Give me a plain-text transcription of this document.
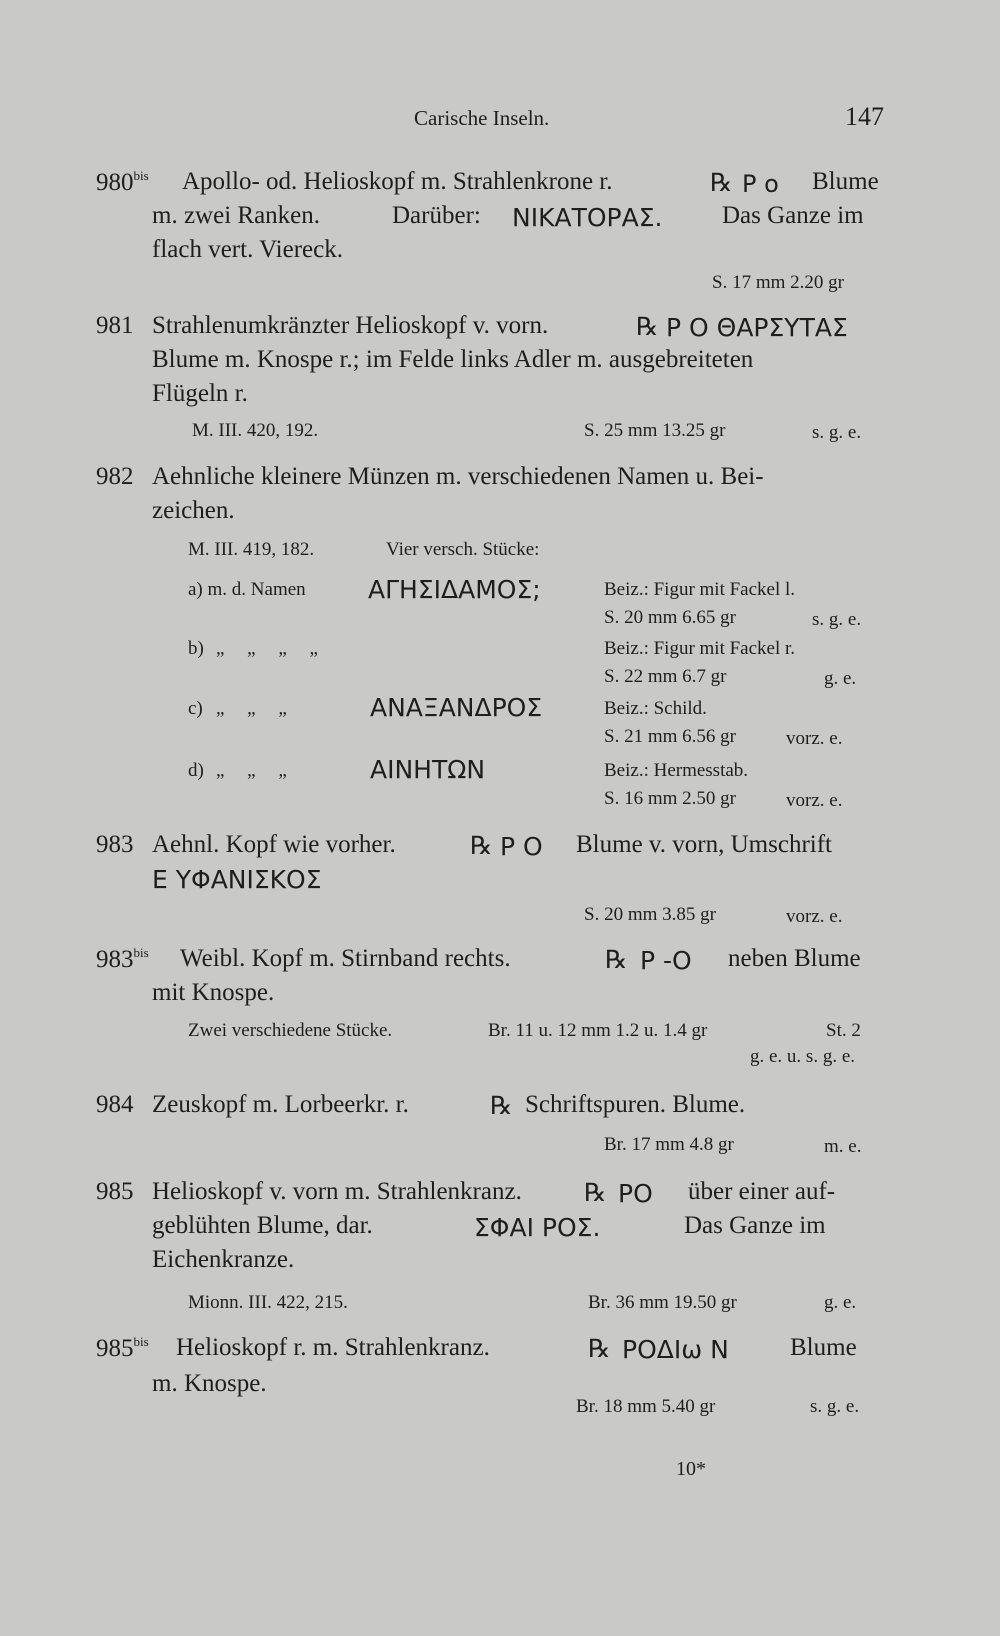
Carische Inseln.	147
$980^{bis}$ Apollo- od. Helioskopf m. Strahlenkrone r.	℞ Ρ o Blume
m. zwei Ranken.	Darüber: ΝΙΚΑΤΟΡΑΣ. Das Ganze im
flach vert. Viereck.
S. 17 mm 2.20 gr
981 Strahlenumkränzter Helioskopf v. vorn.	℞ Ρ Ο ΘΑΡΣΥΤΑΣ
Blume m. Knospe r.; im Felde links Adler m. ausgebreiteten
Flügeln r.
M. III. 420, 192.	S. 25 mm 13.25 gr	s. g. e.
982 Aehnliche kleinere Münzen m. verschiedenen Namen u. Bei-
zeichen.
M. III. 419, 182.	Vier versch. Stücke:
a) m. d. Namen ΑΓΗΣΙΔΑΜΟΣ;	Beiz.: Figur mit Fackel l.
S. 20 mm 6.65 gr	s. g. e.
b) „ „ „ „	Beiz.: Figur mit Fackel r.
S. 22 mm 6.7 gr	g. e.
c) „ „ „	ΑΝΑΞΑΝΔΡΟΣ	Beiz.: Schild.
S. 21 mm 6.56 gr	vorz. e.
d) „ „ „	ΑΙΝΗΤΩΝ	Beiz.: Hermesstab.
S. 16 mm 2.50 gr	vorz. e.
983 Aehnl. Kopf wie vorher.	℞ Ρ Ο Blume v. vorn, Umschrift
Ε ΥΦΑΝΙΣΚΟΣ
S. 20 mm 3.85 gr	vorz. e.
$983^{bis}$ Weibl. Kopf m. Stirnband rechts.	℞ Ρ -Ο neben Blume
mit Knospe.
Zwei verschiedene Stücke.	Br. 11 u. 12 mm 1.2 u. 1.4 gr	St. 2
g. e. u. s. g. e.
984 Zeuskopf m. Lorbeerkr. r.	℞ Schriftspuren. Blume.
Br. 17 mm 4.8 gr	m. e.
985 Helioskopf v. vorn m. Strahlenkranz. ℞ ΡΟ über einer auf-
geblühten Blume, dar.	ΣΦΑΙ ΡΟΣ.	Das Ganze im
Eichenkranze.
Mionn. III. 422, 215.	Br. 36 mm 19.50 gr	g. e.
$985^{bis}$ Helioskopf r. m. Strahlenkranz.	℞ ΡΟΔΙω Ν Blume
m. Knospe.
Br. 18 mm 5.40 gr	s. g. e.
10*
